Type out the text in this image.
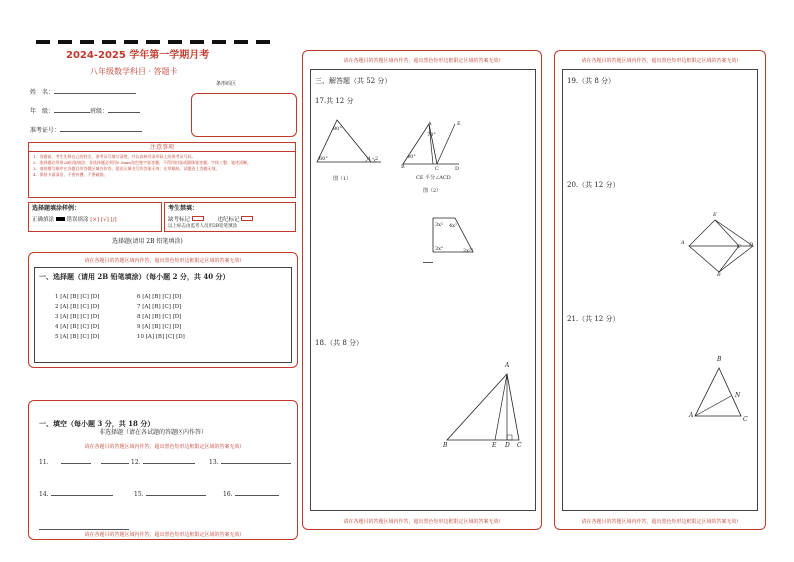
2024-2025 学年第一学期月考
八年级数学科目 · 答题卡
条形码区
姓　名：
年　级：	班级：
准考证号：
注意事项
1．答题前，考生先将自己的姓名、准考证号填写清楚，并认真核对条形码上的准考证号码。
2．选择题必须用2B铅笔填涂；非选择题必须用0.5mm黑色签字笔答题，不得用铅笔或圆珠笔答题；字体工整、笔迹清晰。
3．请按题号顺序在各题目的答题区域内作答，超出区域书写的答案无效；在草稿纸、试题卷上答题无效。
4．保持卡面清洁，不要折叠、不要破损。
选择题填涂样例：
正确填涂 错误填涂 [×] [√] [/]
考生禁填：
缺考标记	违纪标记
以上标志由监考人员用2B铅笔填涂
选择题(请用 2B 铅笔填涂)
请在各题目的答题区域内作答，超出黑色矩形边框限定区域的答案无效!
一、选择题（请用 2B 铅笔填涂）（每小题 2 分，共 40 分）
1 [A] [B] [C] [D]
2 [A] [B] [C] [D]
3 [A] [B] [C] [D]
4 [A] [B] [C] [D]
5 [A] [B] [C] [D]
6 [A] [B] [C] [D]
7 [A] [B] [C] [D]
8 [A] [B] [C] [D]
9 [A] [B] [C] [D]
10 [A] [B] [C] [D]
一、填空（每小题 3 分，共 18 分）
非选择题（请在各试题的答题区内作答）
请在各题目的答题区域内作答，超出黑色矩形边框限定区域的答案无效!
11.	12.	13.
14.	15.	16.
请在各题目的答题区域内作答，超出黑色矩形边框限定区域的答案无效!
请在各题目的答题区域内作答，超出黑色矩形边框限定区域的答案无效!
请在各题目的答题区域内作答，超出黑色矩形边框限定区域的答案无效!
三、解答题（共 52 分）
17.共 12 分
80°
60°	1 2
图（1）
A	E
B	C	D
40°
70°
CE 平分∠ACD
图（2）
3x² 4x²
3x°	2x²°
18.（共 8 分）
A
B	E D C
请在各题目的答题区域内作答，超出黑色矩形边框限定区域的答案无效!
请在各题目的答题区域内作答，超出黑色矩形边框限定区域的答案无效!
19.（共 8 分）
20.（共 12 分）
E
A
C D
B
21.（共 12 分）
B
N
A
C
